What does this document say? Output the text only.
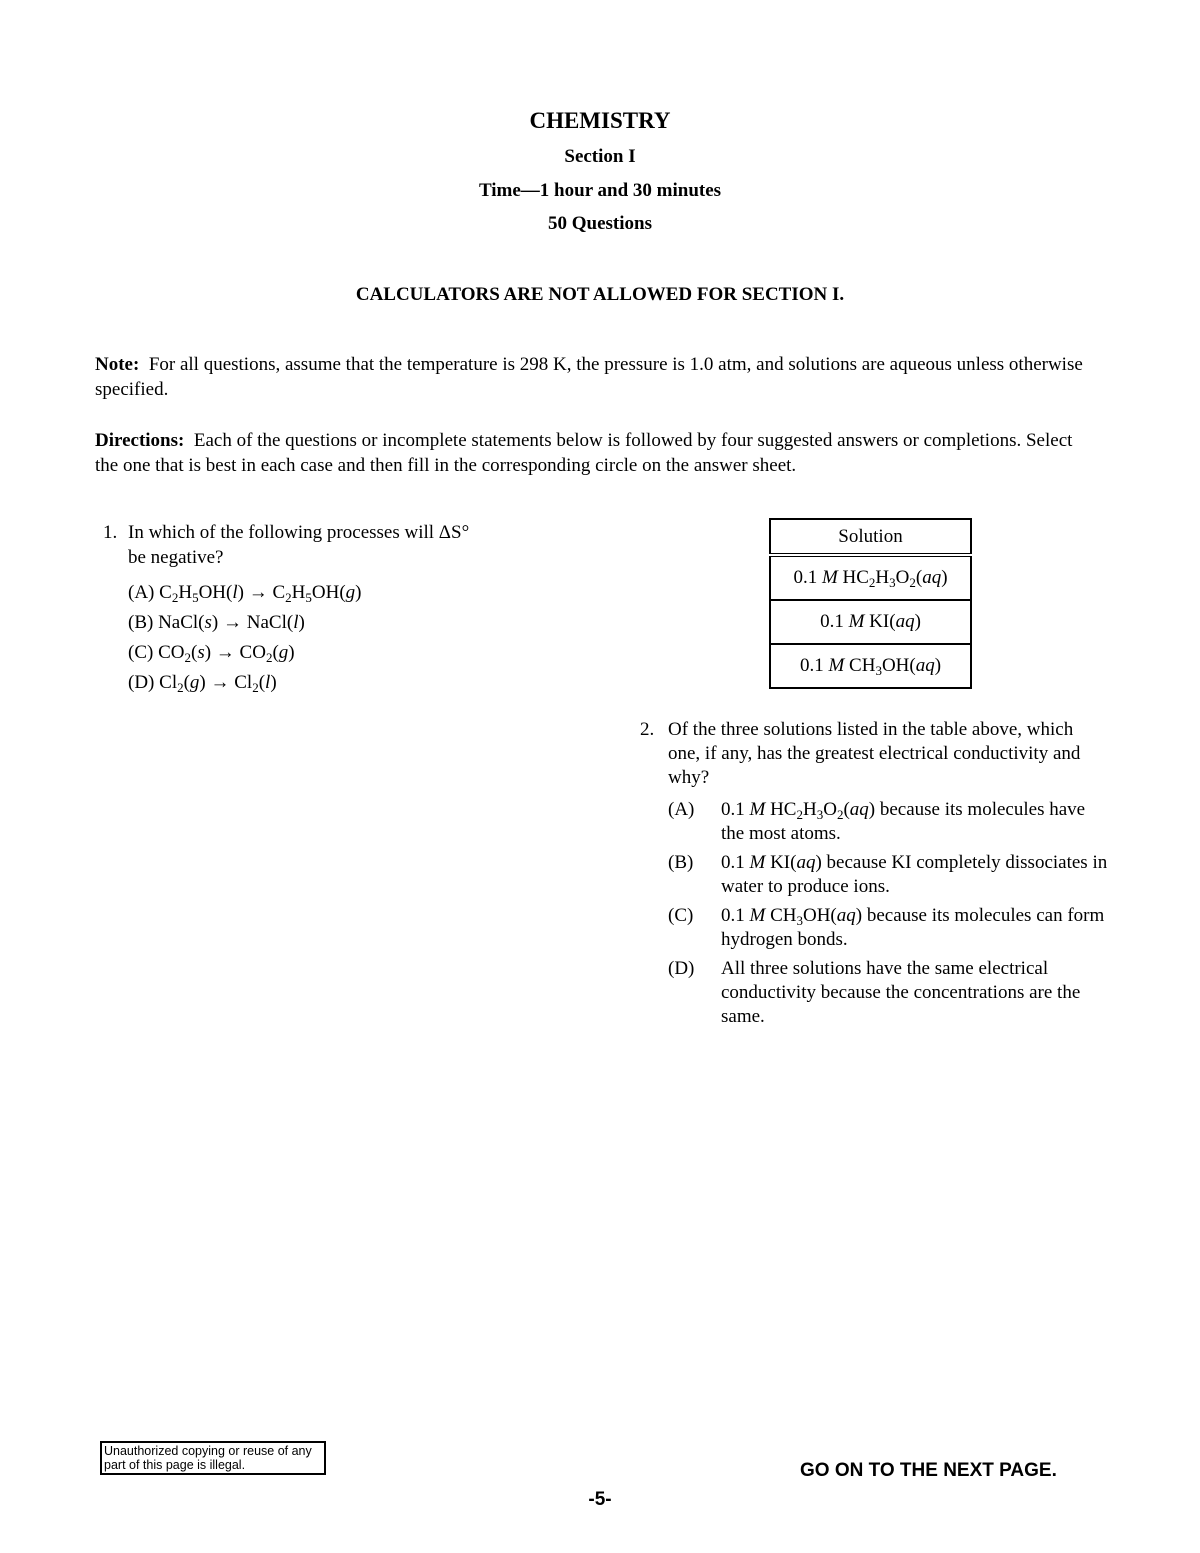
CHEMISTRY
Section I
Time—1 hour and 30 minutes
50 Questions
CALCULATORS ARE NOT ALLOWED FOR SECTION I.
Note: For all questions, assume that the temperature is 298 K, the pressure is 1.0 atm, and solutions are aqueous unless otherwise specified.
Directions: Each of the questions or incomplete statements below is followed by four suggested answers or completions. Select the one that is best in each case and then fill in the corresponding circle on the answer sheet.
1. In which of the following processes will ΔS°
be negative?
(A) $C_2H_5OH(l) \to C_2H_5OH(g)$
(B) NaCl(s) → NaCl(l)
(C) $CO_2(s) \to CO_2(g)$
(D) $Cl_2(g) \to Cl_2(l)$
Solution
0.1 M $HC_2H_3O_2(aq)$
0.1 M KI(aq)
0.1 M $CH_3OH(aq)$
2. Of the three solutions listed in the table above, which one, if any, has the greatest electrical conductivity and why?
(A) 0.1 M $HC_2H_3O_2(aq)$ because its molecules have the most atoms.
(B) 0.1 M KI(aq) because KI completely dissociates in water to produce ions.
(C) 0.1 M $CH_3OH(aq)$ because its molecules can form hydrogen bonds.
(D) All three solutions have the same electrical conductivity because the concentrations are the same.
Unauthorized copying or reuse of any part of this page is illegal.	GO ON TO THE NEXT PAGE.
-5-
